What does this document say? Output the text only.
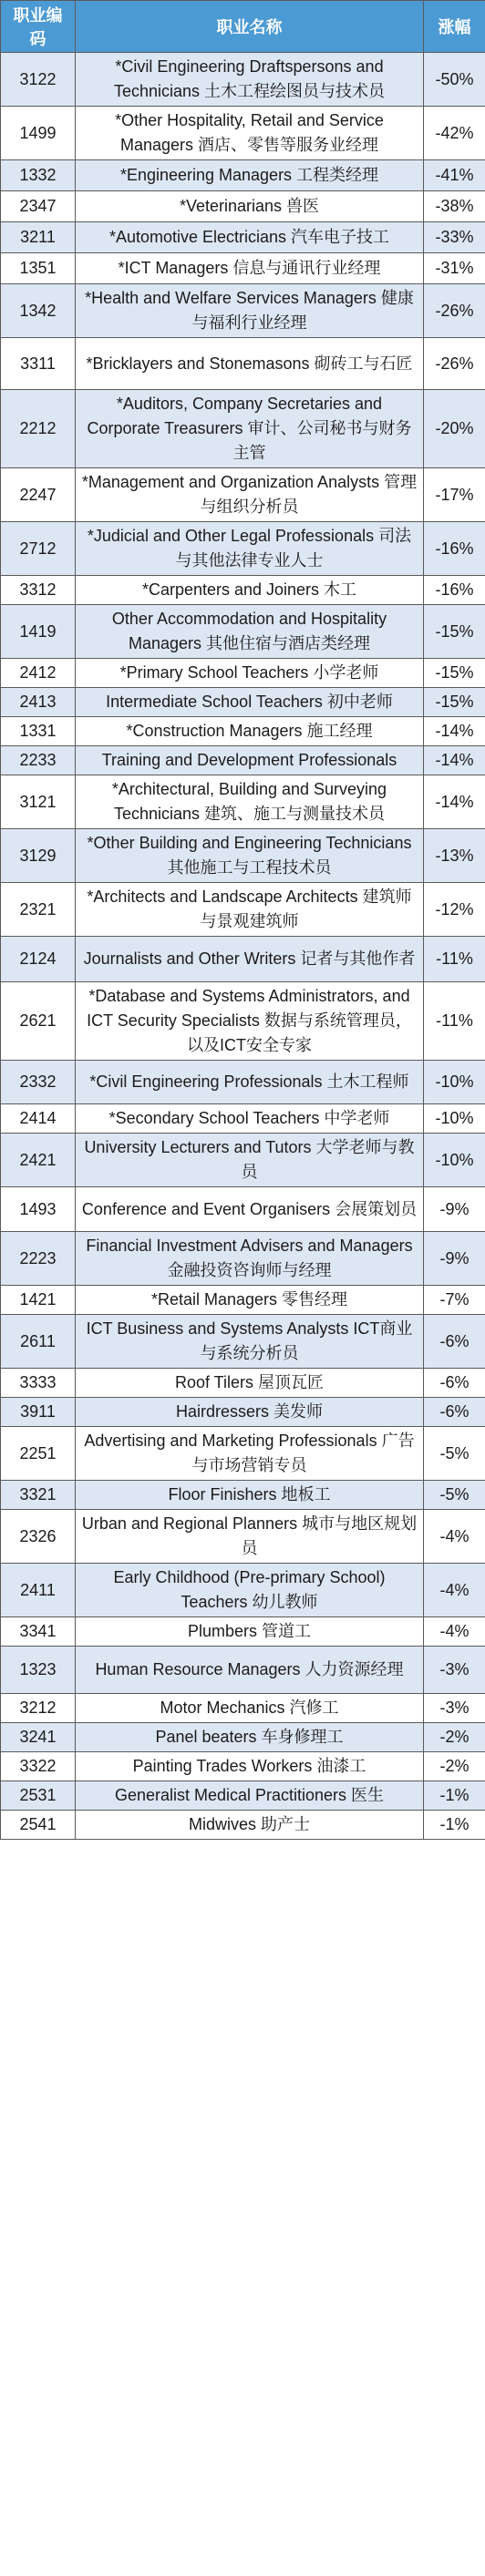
职业编码	职业名称	涨幅
3122	*Civil Engineering Draftspersons and Technicians 土木工程绘图员与技术员	-50%
1499	*Other Hospitality, Retail and Service Managers 酒店、零售等服务业经理	-42%
1332	*Engineering Managers 工程类经理	-41%
2347	*Veterinarians 兽医	-38%
3211	*Automotive Electricians 汽车电子技工	-33%
1351	*ICT Managers 信息与通讯行业经理	-31%
1342	*Health and Welfare Services Managers 健康与福利行业经理	-26%
3311	*Bricklayers and Stonemasons 砌砖工与石匠	-26%
2212	*Auditors, Company Secretaries and Corporate Treasurers 审计、公司秘书与财务主管	-20%
2247	*Management and Organization Analysts 管理与组织分析员	-17%
2712	*Judicial and Other Legal Professionals 司法与其他法律专业人士	-16%
3312	*Carpenters and Joiners 木工	-16%
1419	Other Accommodation and Hospitality Managers 其他住宿与酒店类经理	-15%
2412	*Primary School Teachers 小学老师	-15%
2413	Intermediate School Teachers 初中老师	-15%
1331	*Construction Managers 施工经理	-14%
2233	Training and Development Professionals	-14%
3121	*Architectural, Building and Surveying Technicians 建筑、施工与测量技术员	-14%
3129	*Other Building and Engineering Technicians 其他施工与工程技术员	-13%
2321	*Architects and Landscape Architects 建筑师与景观建筑师	-12%
2124	Journalists and Other Writers 记者与其他作者	-11%
2621	*Database and Systems Administrators, and ICT Security Specialists 数据与系统管理员，以及ICT安全专家	-11%
2332	*Civil Engineering Professionals 土木工程师	-10%
2414	*Secondary School Teachers 中学老师	-10%
2421	University Lecturers and Tutors 大学老师与教员	-10%
1493	Conference and Event Organisers 会展策划员	-9%
2223	Financial Investment Advisers and Managers 金融投资咨询师与经理	-9%
1421	*Retail Managers 零售经理	-7%
2611	ICT Business and Systems Analysts ICT商业与系统分析员	-6%
3333	Roof Tilers 屋顶瓦匠	-6%
3911	Hairdressers 美发师	-6%
2251	Advertising and Marketing Professionals 广告与市场营销专员	-5%
3321	Floor Finishers 地板工	-5%
2326	Urban and Regional Planners 城市与地区规划员	-4%
2411	Early Childhood (Pre-primary School) Teachers 幼儿教师	-4%
3341	Plumbers 管道工	-4%
1323	Human Resource Managers 人力资源经理	-3%
3212	Motor Mechanics 汽修工	-3%
3241	Panel beaters 车身修理工	-2%
3322	Painting Trades Workers 油漆工	-2%
2531	Generalist Medical Practitioners 医生	-1%
2541	Midwives 助产士	-1%
